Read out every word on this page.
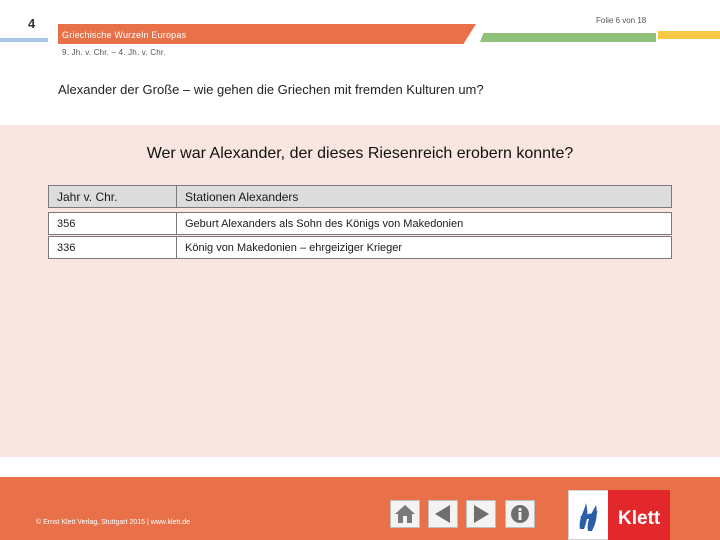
4
Griechische Wurzeln Europas
Folie 6 von 18
9. Jh. v. Chr. – 4. Jh. v. Chr.
Alexander der Große – wie gehen die Griechen mit fremden Kulturen um?
Wer war Alexander, der dieses Riesenreich erobern konnte?
Jahr v. Chr.	Stationen Alexanders
356	Geburt Alexanders als Sohn des Königs von Makedonien
336	König von Makedonien – ehrgeiziger Krieger
© Ernst Klett Verlag, Stuttgart 2015 | www.klett.de	Klett
